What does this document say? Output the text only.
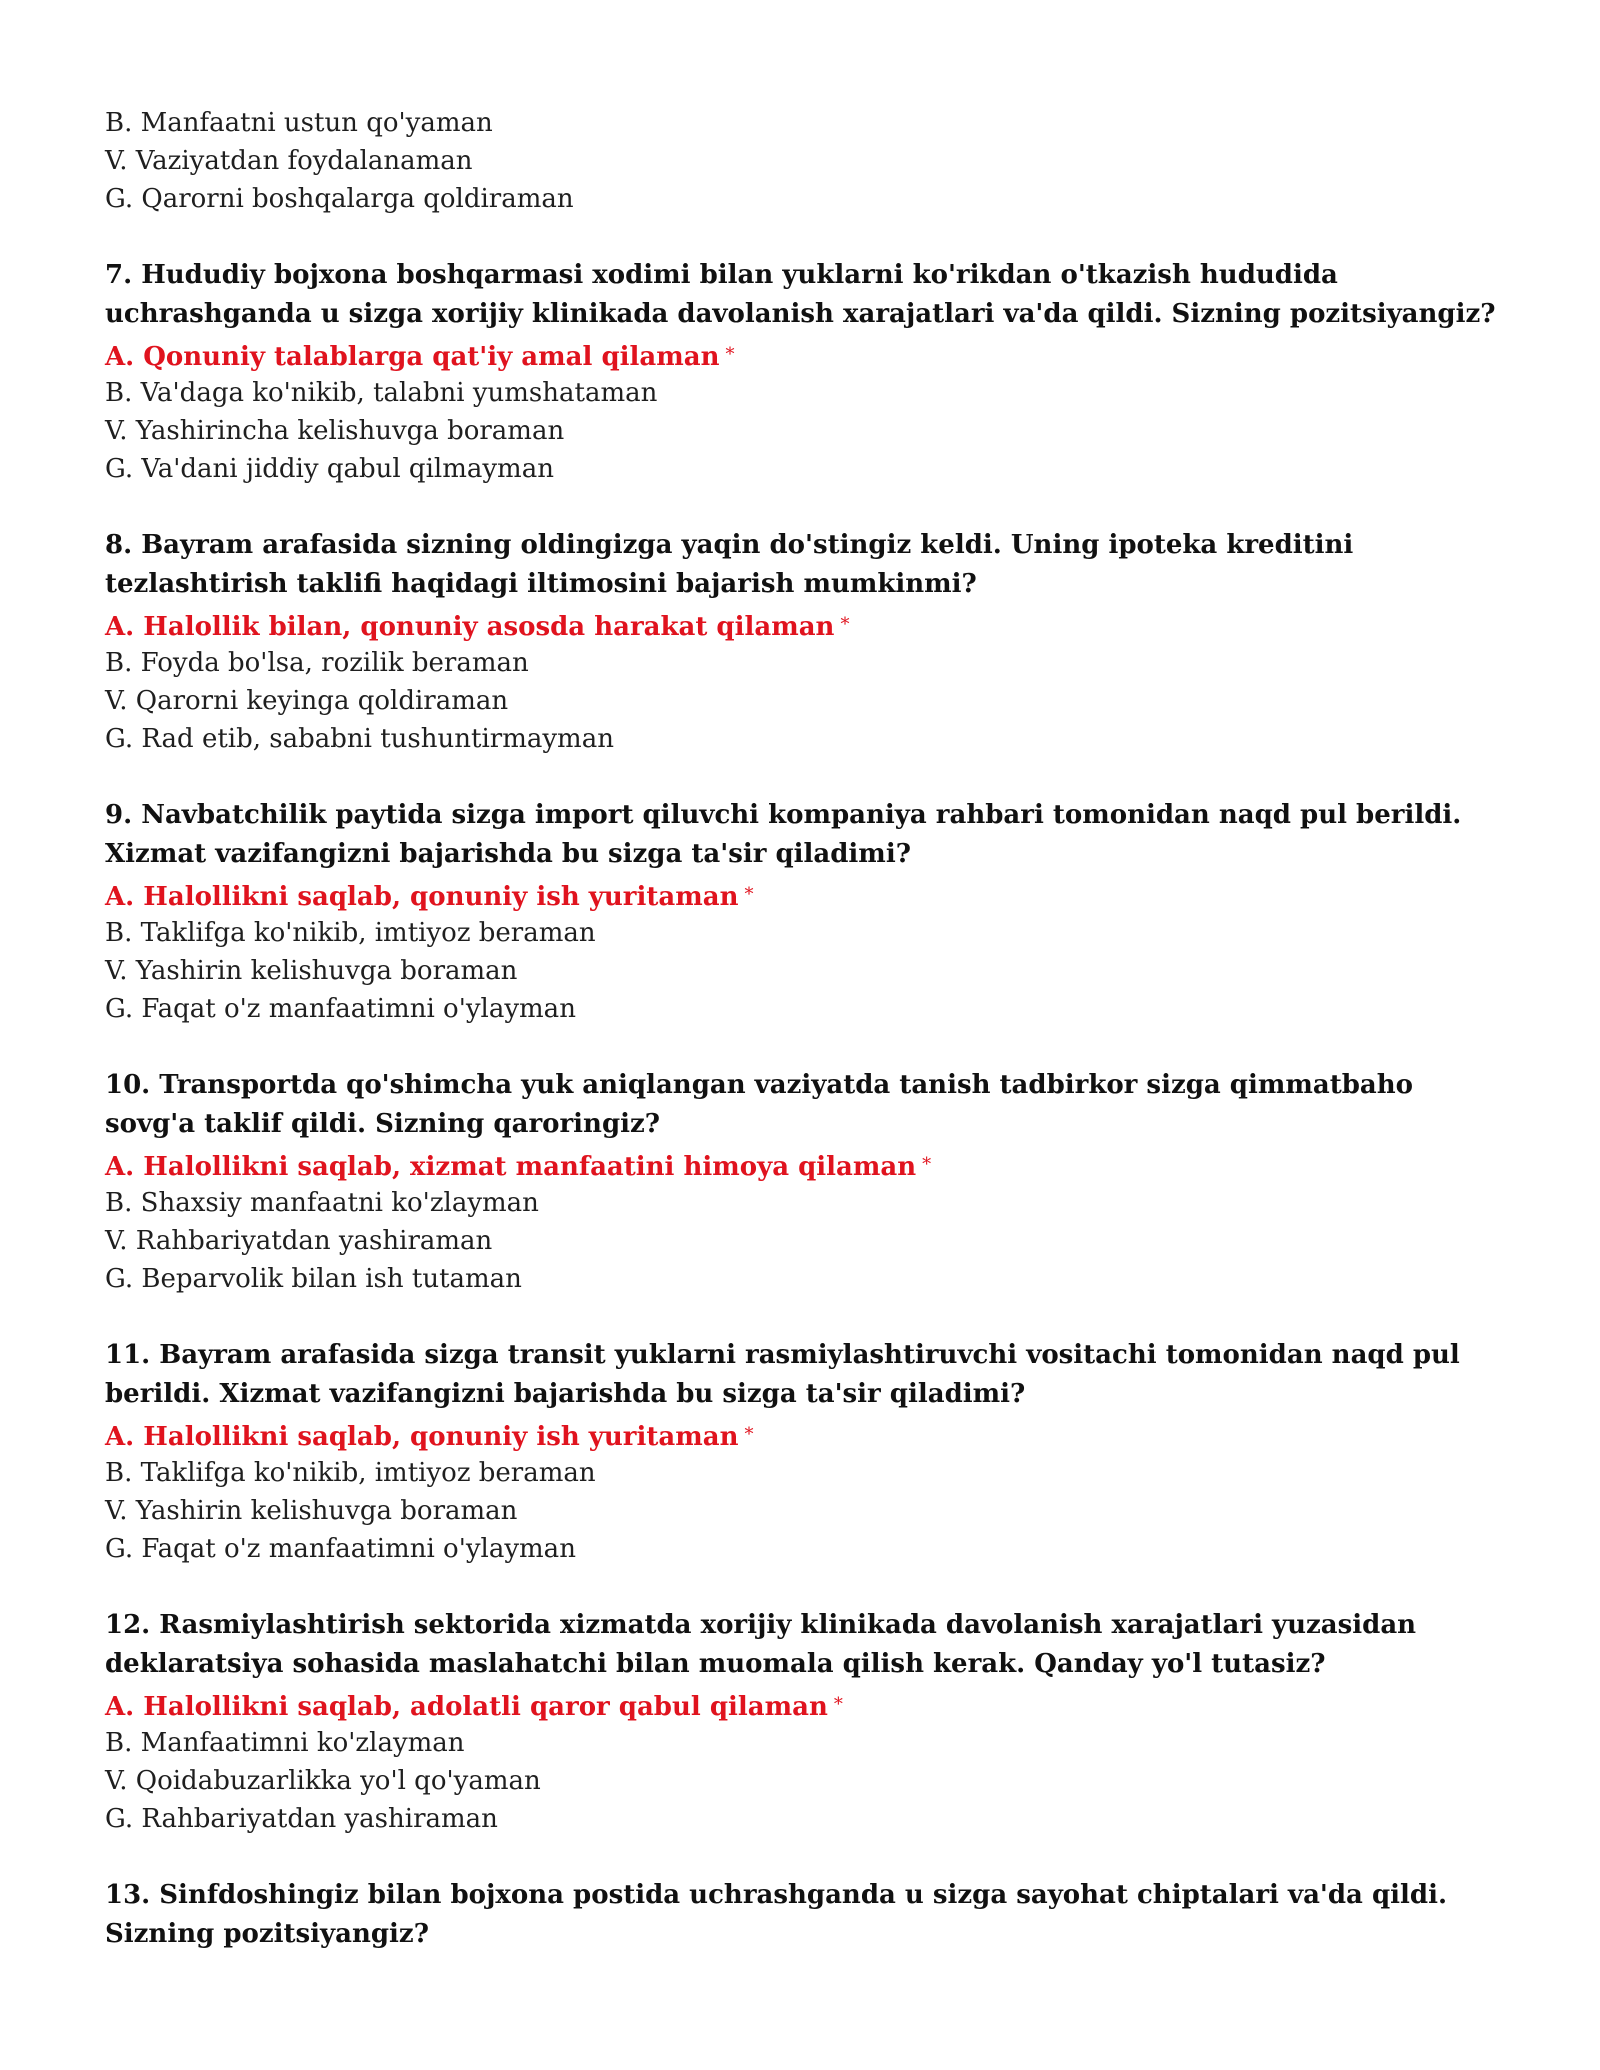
B. Manfaatni ustun qo'yaman
V. Vaziyatdan foydalanaman
G. Qarorni boshqalarga qoldiraman
7. Hududiy bojxona boshqarmasi xodimi bilan yuklarni ko'rikdan o'tkazish hududida uchrashganda u sizga xorijiy klinikada davolanish xarajatlari va'da qildi. Sizning pozitsiyangiz?
A. Qonuniy talablarga qat'iy amal qilaman *
B. Va'daga ko'nikib, talabni yumshataman
V. Yashirincha kelishuvga boraman
G. Va'dani jiddiy qabul qilmayman
8. Bayram arafasida sizning oldingizga yaqin do'stingiz keldi. Uning ipoteka kreditini tezlashtirish taklifi haqidagi iltimosini bajarish mumkinmi?
A. Halollik bilan, qonuniy asosda harakat qilaman *
B. Foyda bo'lsa, rozilik beraman
V. Qarorni keyinga qoldiraman
G. Rad etib, sababni tushuntirmayman
9. Navbatchilik paytida sizga import qiluvchi kompaniya rahbari tomonidan naqd pul berildi. Xizmat vazifangizni bajarishda bu sizga ta'sir qiladimi?
A. Halollikni saqlab, qonuniy ish yuritaman *
B. Taklifga ko'nikib, imtiyoz beraman
V. Yashirin kelishuvga boraman
G. Faqat o'z manfaatimni o'ylayman
10. Transportda qo'shimcha yuk aniqlangan vaziyatda tanish tadbirkor sizga qimmatbaho sovg'a taklif qildi. Sizning qaroringiz?
A. Halollikni saqlab, xizmat manfaatini himoya qilaman *
B. Shaxsiy manfaatni ko'zlayman
V. Rahbariyatdan yashiraman
G. Beparvolik bilan ish tutaman
11. Bayram arafasida sizga transit yuklarni rasmiylashtiruvchi vositachi tomonidan naqd pul berildi. Xizmat vazifangizni bajarishda bu sizga ta'sir qiladimi?
A. Halollikni saqlab, qonuniy ish yuritaman *
B. Taklifga ko'nikib, imtiyoz beraman
V. Yashirin kelishuvga boraman
G. Faqat o'z manfaatimni o'ylayman
12. Rasmiylashtirish sektorida xizmatda xorijiy klinikada davolanish xarajatlari yuzasidan deklaratsiya sohasida maslahatchi bilan muomala qilish kerak. Qanday yo'l tutasiz?
A. Halollikni saqlab, adolatli qaror qabul qilaman *
B. Manfaatimni ko'zlayman
V. Qoidabuzarlikka yo'l qo'yaman
G. Rahbariyatdan yashiraman
13. Sinfdoshingiz bilan bojxona postida uchrashganda u sizga sayohat chiptalari va'da qildi. Sizning pozitsiyangiz?
